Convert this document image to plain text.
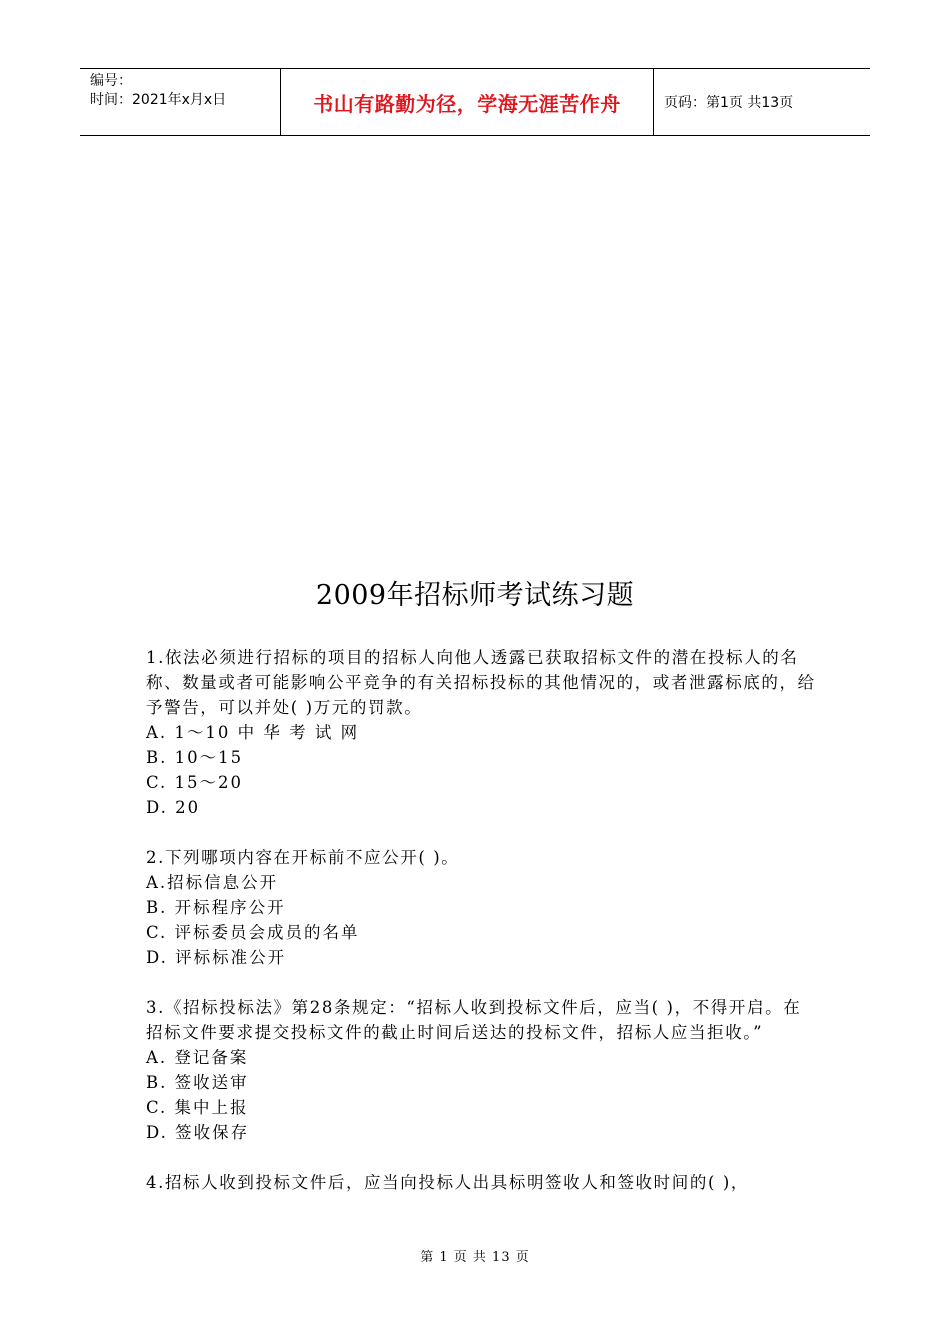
编号：
时间：2021年x月x日	书山有路勤为径，学海无涯苦作舟	页码：第1页 共13页
2009年招标师考试练习题

1.依法必须进行招标的项目的招标人向他人透露已获取招标文件的潜在投标人的名称、数量或者可能影响公平竞争的有关招标投标的其他情况的，或者泄露标底的，给予警告，可以并处( )万元的罚款。

A. 1～10 中 华 考 试 网

B. 10～15

C. 15～20

D. 20

2.下列哪项内容在开标前不应公开( )。

A.招标信息公开

B. 开标程序公开

C. 评标委员会成员的名单

D. 评标标准公开

3.《招标投标法》第28条规定：“招标人收到投标文件后，应当( )，不得开启。在招标文件要求提交投标文件的截止时间后送达的投标文件，招标人应当拒收。”

A. 登记备案

B. 签收送审

C. 集中上报

D. 签收保存

4.招标人收到投标文件后，应当向投标人出具标明签收人和签收时间的( )，

第 1 页 共 13 页
